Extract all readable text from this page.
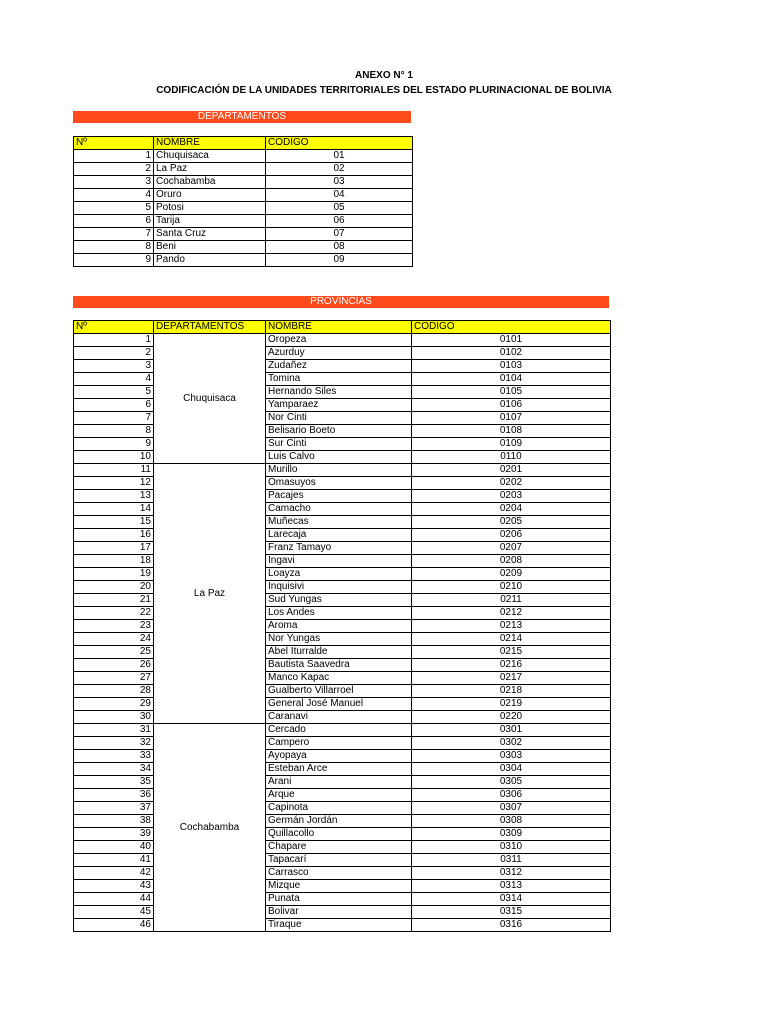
ANEXO N° 1
CODIFICACIÓN DE LA UNIDADES TERRITORIALES DEL ESTADO PLURINACIONAL DE BOLIVIA
DEPARTAMENTOS
Nº	NOMBRE	CODIGO
1	Chuquisaca	01
2	La Paz	02
3	Cochabamba	03
4	Oruro	04
5	Potosi	05
6	Tarija	06
7	Santa Cruz	07
8	Beni	08
9	Pando	09
PROVINCIAS
Nº	DEPARTAMENTOS	NOMBRE	CODIGO
1	Chuquisaca	Oropeza	0101
2		Azurduy	0102
3		Zudañez	0103
4		Tomina	0104
5		Hernando Siles	0105
6		Yamparaez	0106
7		Nor Cinti	0107
8		Belisario Boeto	0108
9		Sur Cinti	0109
10		Luis Calvo	0110
11	La Paz	Murillo	0201
12		Omasuyos	0202
13		Pacajes	0203
14		Camacho	0204
15		Muñecas	0205
16		Larecaja	0206
17		Franz Tamayo	0207
18		Ingavi	0208
19		Loayza	0209
20		Inquisivi	0210
21		Sud Yungas	0211
22		Los Andes	0212
23		Aroma	0213
24		Nor Yungas	0214
25		Abel Iturralde	0215
26		Bautista Saavedra	0216
27		Manco Kapac	0217
28		Gualberto Villarroel	0218
29		General José Manuel	0219
30		Caranavi	0220
31	Cochabamba	Cercado	0301
32		Campero	0302
33		Ayopaya	0303
34		Esteban Arce	0304
35		Arani	0305
36		Arque	0306
37		Capinota	0307
38		Germán Jordán	0308
39		Quillacollo	0309
40		Chapare	0310
41		Tapacarí	0311
42		Carrasco	0312
43		Mizque	0313
44		Punata	0314
45		Bolivar	0315
46		Tiraque	0316
